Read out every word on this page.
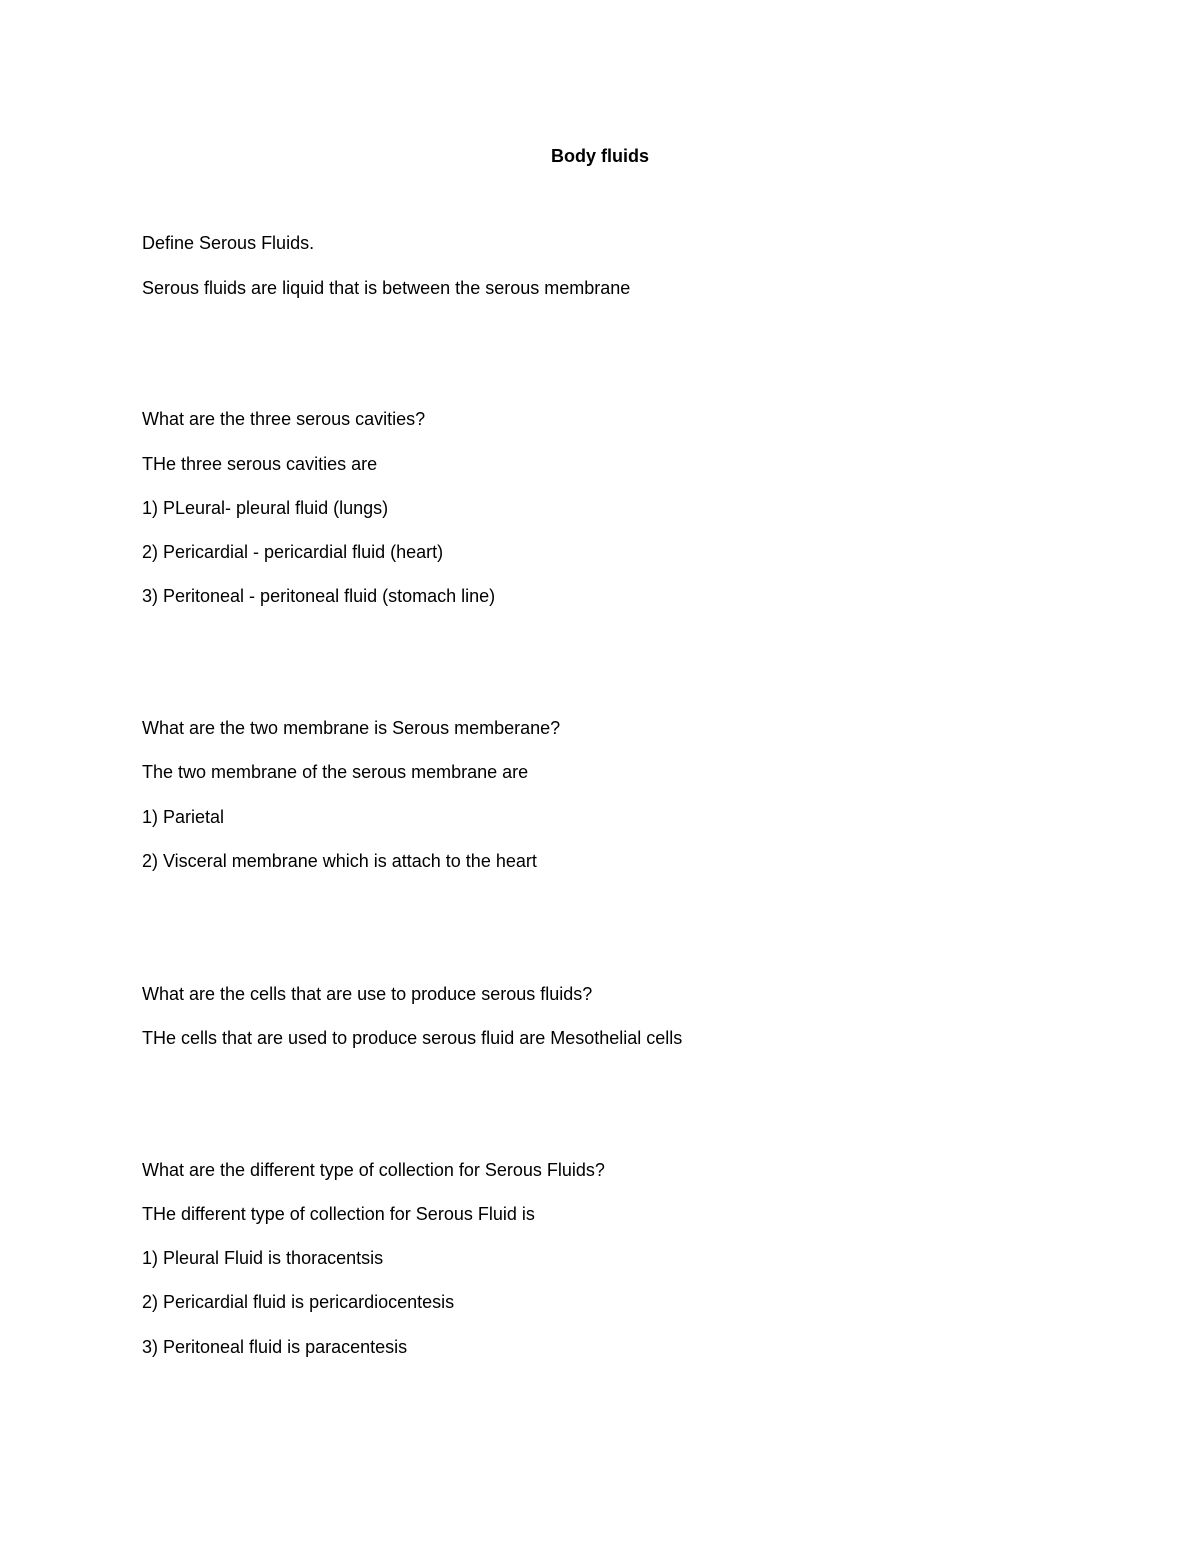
Body fluids
Define Serous Fluids.
Serous fluids are liquid that is between the serous membrane
What are the three serous cavities?
THe three serous cavities are
1) PLeural- pleural fluid (lungs)
2) Pericardial - pericardial fluid (heart)
3) Peritoneal - peritoneal fluid (stomach line)
What are the two membrane is Serous memberane?
The two membrane of the serous membrane are
1) Parietal
2) Visceral membrane which is attach to the heart
What are the cells that are use to produce serous fluids?
THe cells that are used to produce serous fluid are Mesothelial cells
What are the different type of collection for Serous Fluids?
THe different type of collection for Serous Fluid is
1) Pleural Fluid is thoracentsis
2) Pericardial fluid is pericardiocentesis
3) Peritoneal fluid is paracentesis
